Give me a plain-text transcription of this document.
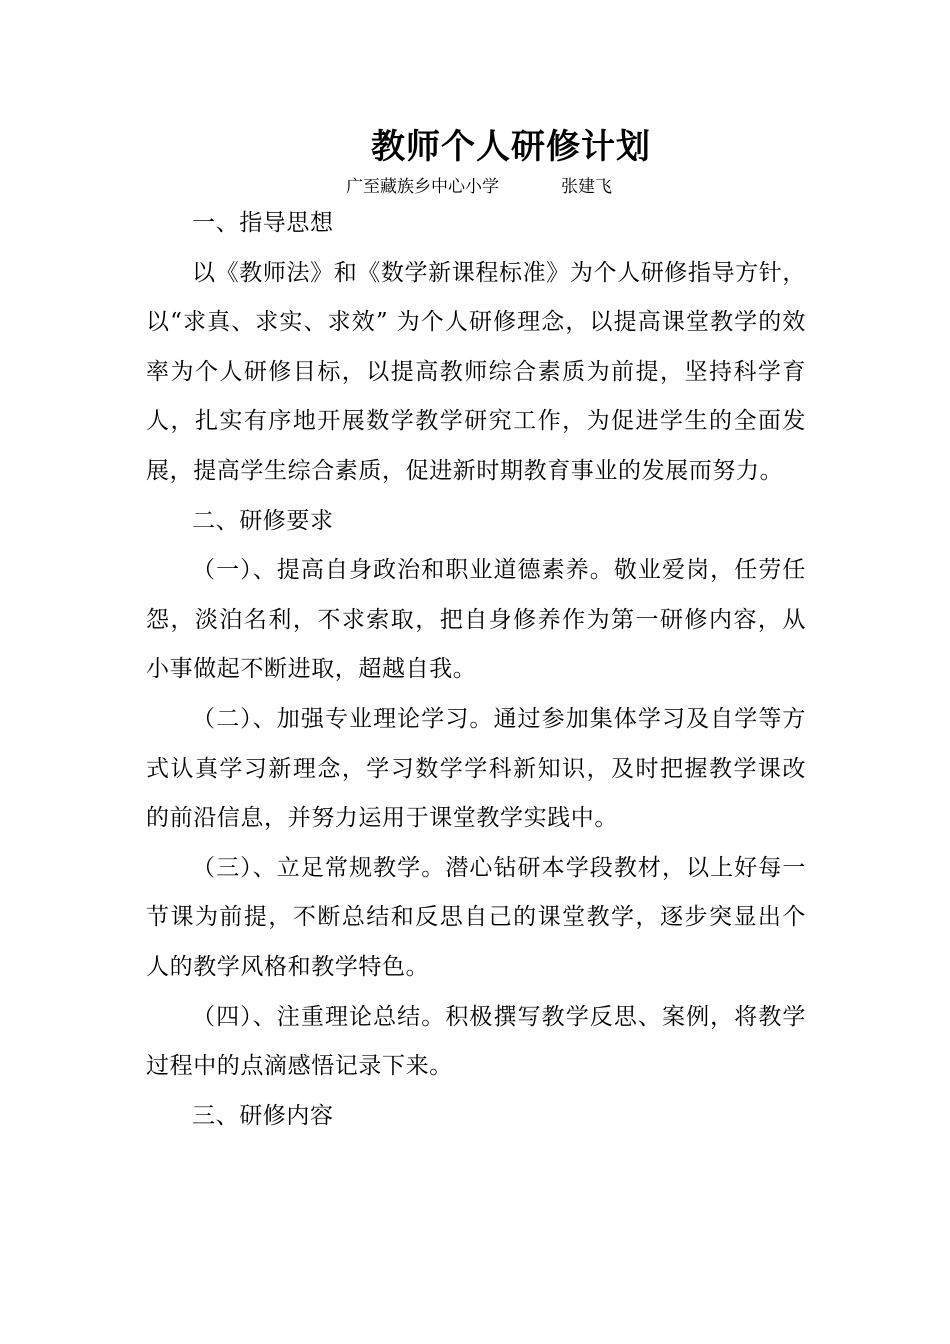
教师个人研修计划
广至藏族乡中心小学	张建飞

一、指导思想

以《教师法》和《数学新课程标准》为个人研修指导方针，以“求真、求实、求效” 为个人研修理念，以提高课堂教学的效率为个人研修目标，以提高教师综合素质为前提，坚持科学育人，扎实有序地开展数学教学研究工作，为促进学生的全面发展，提高学生综合素质，促进新时期教育事业的发展而努力。

二、研修要求

（一）、提高自身政治和职业道德素养。敬业爱岗，任劳任怨，淡泊名利，不求索取，把自身修养作为第一研修内容，从小事做起不断进取，超越自我。

（二）、加强专业理论学习。通过参加集体学习及自学等方式认真学习新理念，学习数学学科新知识，及时把握教学课改的前沿信息，并努力运用于课堂教学实践中。

（三）、立足常规教学。潜心钻研本学段教材，以上好每一节课为前提，不断总结和反思自己的课堂教学，逐步突显出个人的教学风格和教学特色。

（四）、注重理论总结。积极撰写教学反思、案例，将教学过程中的点滴感悟记录下来。

三、研修内容
